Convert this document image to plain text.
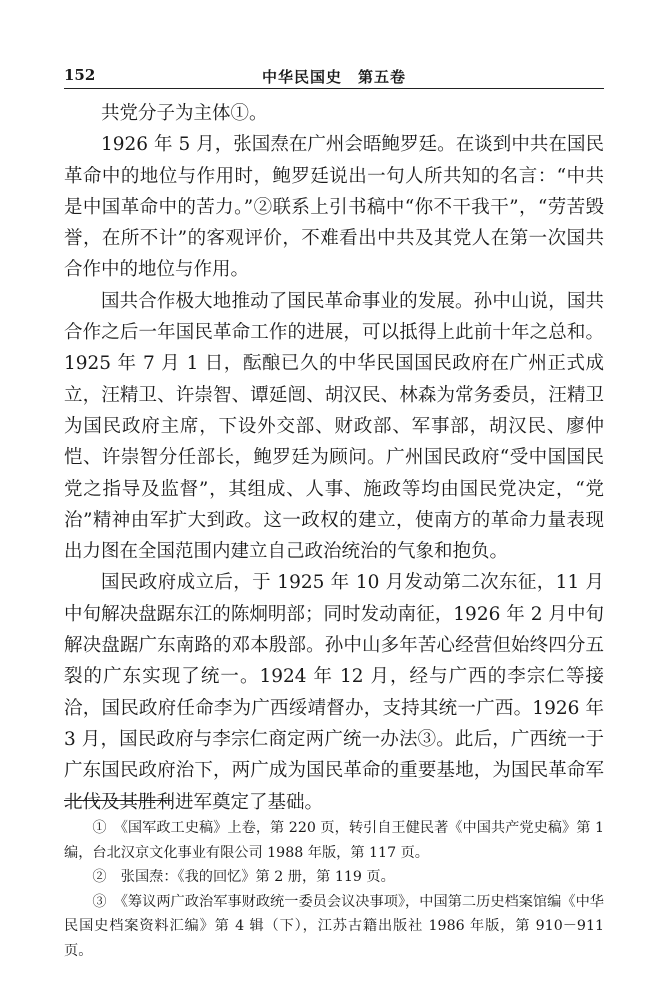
152	中华民国史　第五卷

共党分子为主体①。

1926 年 5 月，张国焘在广州会晤鲍罗廷。在谈到中共在国民革命中的地位与作用时，鲍罗廷说出一句人所共知的名言：“中共是中国革命中的苦力。”②联系上引书稿中“你不干我干”，“劳苦毁誉，在所不计”的客观评价，不难看出中共及其党人在第一次国共合作中的地位与作用。

国共合作极大地推动了国民革命事业的发展。孙中山说，国共合作之后一年国民革命工作的进展，可以抵得上此前十年之总和。1925 年 7 月 1 日，酝酿已久的中华民国国民政府在广州正式成立，汪精卫、许崇智、谭延闿、胡汉民、林森为常务委员，汪精卫为国民政府主席，下设外交部、财政部、军事部，胡汉民、廖仲恺、许崇智分任部长，鲍罗廷为顾问。广州国民政府“受中国国民党之指导及监督”，其组成、人事、施政等均由国民党决定，“党治”精神由军扩大到政。这一政权的建立，使南方的革命力量表现出力图在全国范围内建立自己政治统治的气象和抱负。

国民政府成立后，于 1925 年 10 月发动第二次东征，11 月中旬解决盘踞东江的陈炯明部；同时发动南征，1926 年 2 月中旬解决盘踞广东南路的邓本殷部。孙中山多年苦心经营但始终四分五裂的广东实现了统一。1924 年 12 月，经与广西的李宗仁等接洽，国民政府任命李为广西绥靖督办，支持其统一广西。1926 年 3 月，国民政府与李宗仁商定两广统一办法③。此后，广西统一于广东国民政府治下，两广成为国民革命的重要基地，为国民革命军北伐及其胜利进军奠定了基础。

①　《国军政工史稿》上卷，第 220 页，转引自王健民著《中国共产党史稿》第 1 编，台北汉京文化事业有限公司 1988 年版，第 117 页。

②　张国焘：《我的回忆》第 2 册，第 119 页。

③　《筹议两广政治军事财政统一委员会议决事项》，中国第二历史档案馆编《中华民国史档案资料汇编》第 4 辑（下），江苏古籍出版社 1986 年版，第 910－911 页。
